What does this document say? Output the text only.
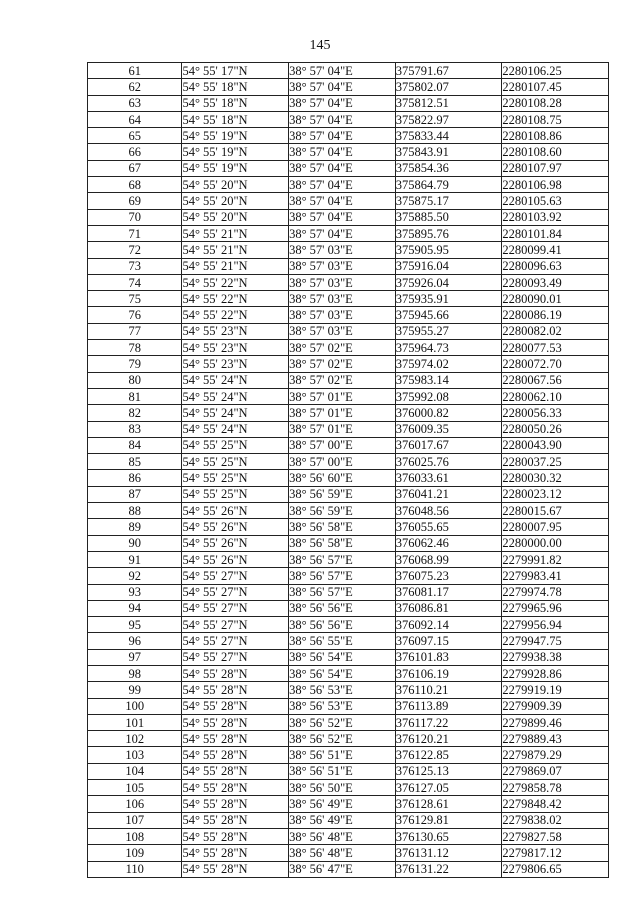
145
61	54° 55' 17"N	38° 57' 04"E	375791.67	2280106.25
62	54° 55' 18"N	38° 57' 04"E	375802.07	2280107.45
63	54° 55' 18"N	38° 57' 04"E	375812.51	2280108.28
64	54° 55' 18"N	38° 57' 04"E	375822.97	2280108.75
65	54° 55' 19"N	38° 57' 04"E	375833.44	2280108.86
66	54° 55' 19"N	38° 57' 04"E	375843.91	2280108.60
67	54° 55' 19"N	38° 57' 04"E	375854.36	2280107.97
68	54° 55' 20"N	38° 57' 04"E	375864.79	2280106.98
69	54° 55' 20"N	38° 57' 04"E	375875.17	2280105.63
70	54° 55' 20"N	38° 57' 04"E	375885.50	2280103.92
71	54° 55' 21"N	38° 57' 04"E	375895.76	2280101.84
72	54° 55' 21"N	38° 57' 03"E	375905.95	2280099.41
73	54° 55' 21"N	38° 57' 03"E	375916.04	2280096.63
74	54° 55' 22"N	38° 57' 03"E	375926.04	2280093.49
75	54° 55' 22"N	38° 57' 03"E	375935.91	2280090.01
76	54° 55' 22"N	38° 57' 03"E	375945.66	2280086.19
77	54° 55' 23"N	38° 57' 03"E	375955.27	2280082.02
78	54° 55' 23"N	38° 57' 02"E	375964.73	2280077.53
79	54° 55' 23"N	38° 57' 02"E	375974.02	2280072.70
80	54° 55' 24"N	38° 57' 02"E	375983.14	2280067.56
81	54° 55' 24"N	38° 57' 01"E	375992.08	2280062.10
82	54° 55' 24"N	38° 57' 01"E	376000.82	2280056.33
83	54° 55' 24"N	38° 57' 01"E	376009.35	2280050.26
84	54° 55' 25"N	38° 57' 00"E	376017.67	2280043.90
85	54° 55' 25"N	38° 57' 00"E	376025.76	2280037.25
86	54° 55' 25"N	38° 56' 60"E	376033.61	2280030.32
87	54° 55' 25"N	38° 56' 59"E	376041.21	2280023.12
88	54° 55' 26"N	38° 56' 59"E	376048.56	2280015.67
89	54° 55' 26"N	38° 56' 58"E	376055.65	2280007.95
90	54° 55' 26"N	38° 56' 58"E	376062.46	2280000.00
91	54° 55' 26"N	38° 56' 57"E	376068.99	2279991.82
92	54° 55' 27"N	38° 56' 57"E	376075.23	2279983.41
93	54° 55' 27"N	38° 56' 57"E	376081.17	2279974.78
94	54° 55' 27"N	38° 56' 56"E	376086.81	2279965.96
95	54° 55' 27"N	38° 56' 56"E	376092.14	2279956.94
96	54° 55' 27"N	38° 56' 55"E	376097.15	2279947.75
97	54° 55' 27"N	38° 56' 54"E	376101.83	2279938.38
98	54° 55' 28"N	38° 56' 54"E	376106.19	2279928.86
99	54° 55' 28"N	38° 56' 53"E	376110.21	2279919.19
100	54° 55' 28"N	38° 56' 53"E	376113.89	2279909.39
101	54° 55' 28"N	38° 56' 52"E	376117.22	2279899.46
102	54° 55' 28"N	38° 56' 52"E	376120.21	2279889.43
103	54° 55' 28"N	38° 56' 51"E	376122.85	2279879.29
104	54° 55' 28"N	38° 56' 51"E	376125.13	2279869.07
105	54° 55' 28"N	38° 56' 50"E	376127.05	2279858.78
106	54° 55' 28"N	38° 56' 49"E	376128.61	2279848.42
107	54° 55' 28"N	38° 56' 49"E	376129.81	2279838.02
108	54° 55' 28"N	38° 56' 48"E	376130.65	2279827.58
109	54° 55' 28"N	38° 56' 48"E	376131.12	2279817.12
110	54° 55' 28"N	38° 56' 47"E	376131.22	2279806.65
